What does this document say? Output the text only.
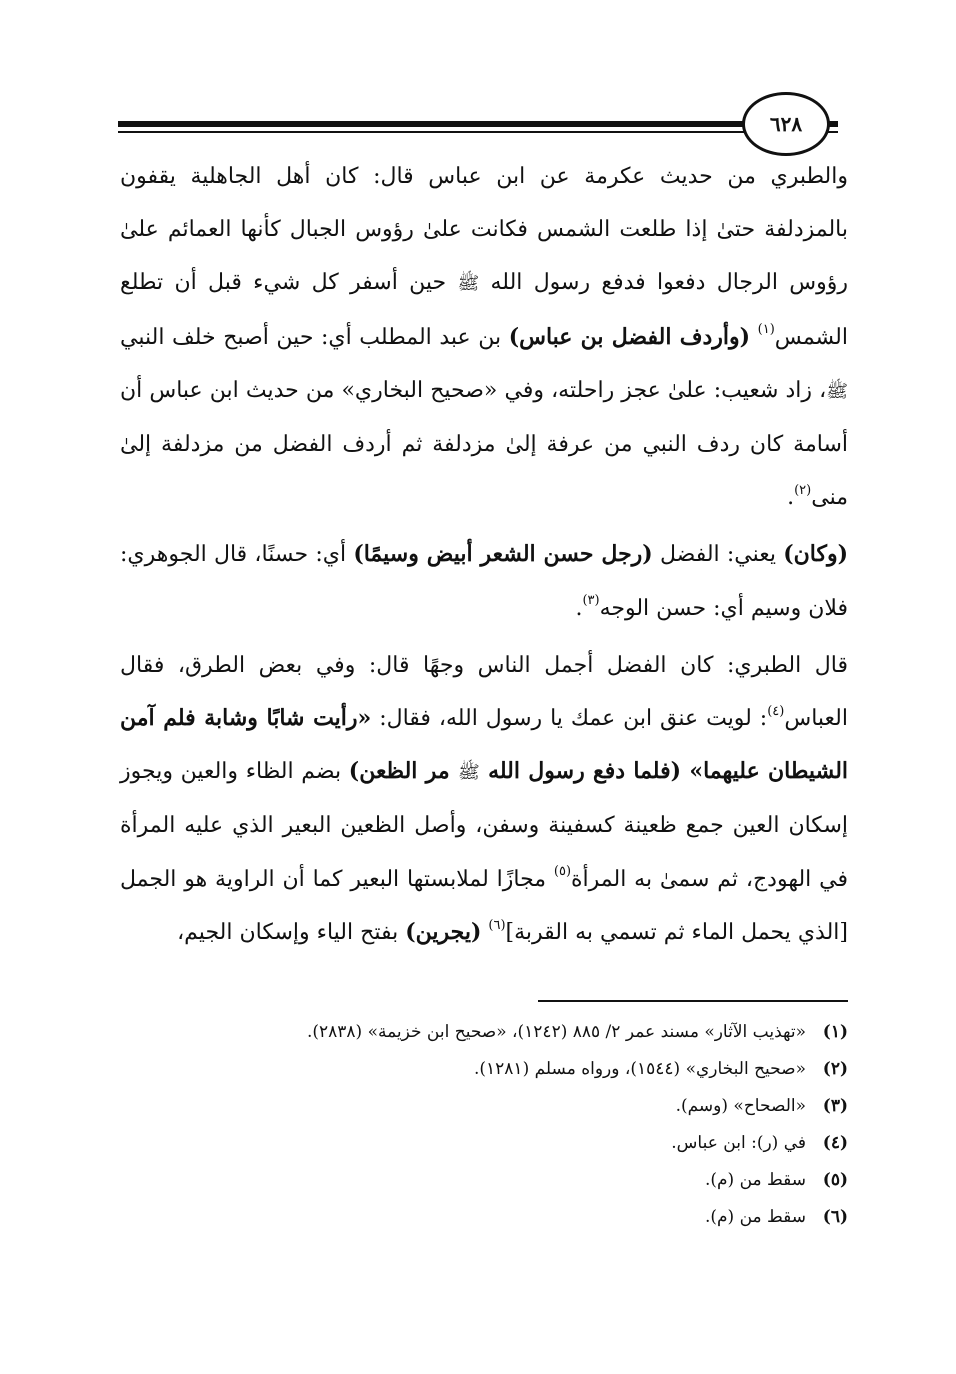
٦٢٨

والطبري من حديث عكرمة عن ابن عباس قال: كان أهل الجاهلية يقفون بالمزدلفة حتىٰ إذا طلعت الشمس فكانت علىٰ رؤوس الجبال كأنها العمائم علىٰ رؤوس الرجال دفعوا فدفع رسول الله ﷺ حين أسفر كل شيء قبل أن تطلع الشمس$^{(١)}$ (وأردف الفضل بن عباس) بن عبد المطلب أي: حين أصبح خلف النبي ﷺ، زاد شعيب: علىٰ عجز راحلته، وفي «صحيح البخاري» من حديث ابن عباس أن أسامة كان ردف النبي من عرفة إلىٰ مزدلفة ثم أردف الفضل من مزدلفة إلىٰ منى$^{(٢)}$.

(وكان) يعني: الفضل (رجل حسن الشعر أبيض وسيمًا) أي: حسنًا، قال الجوهري: فلان وسيم أي: حسن الوجه$^{(٣)}$.

قال الطبري: كان الفضل أجمل الناس وجهًا قال: وفي بعض الطرق، فقال العباس$^{(٤)}$: لويت عنق ابن عمك يا رسول الله، فقال: «رأيت شابًا وشابة فلم آمن الشيطان عليهما» (فلما دفع رسول الله ﷺ مر الظعن) بضم الظاء والعين ويجوز إسكان العين جمع ظعينة كسفينة وسفن، وأصل الظعين البعير الذي عليه المرأة في الهودج، ثم سمىٰ به المرأة$^{(٥)}$ مجازًا لملابستها البعير كما أن الراوية هو الجمل [الذي يحمل الماء ثم تسمي به القربة]$^{(٦)}$ (يجرين) بفتح الياء وإسكان الجيم،

(١)«تهذيب الآثار» مسند عمر ٢/ ٨٨٥ (١٢٤٢)، «صحيح ابن خزيمة» (٢٨٣٨).

(٢)«صحيح البخاري» (١٥٤٤)، ورواه مسلم (١٢٨١).

(٣)«الصحاح» (وسم).

(٤)في (ر): ابن عباس.

(٥)سقط من (م).

(٦)سقط من (م).
